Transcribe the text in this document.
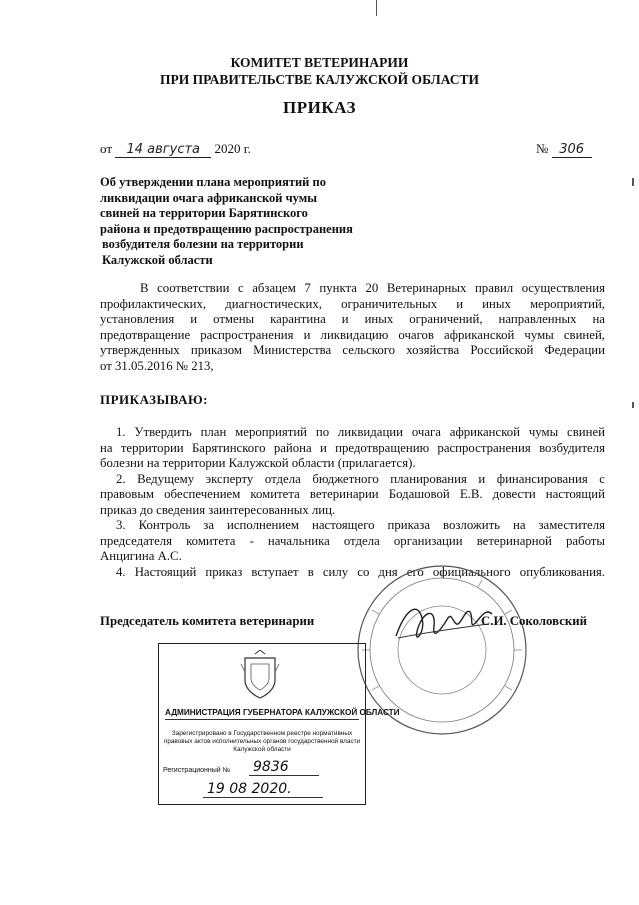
КОМИТЕТ ВЕТЕРИНАРИИ
ПРИ ПРАВИТЕЛЬСТВЕ КАЛУЖСКОЙ ОБЛАСТИ
ПРИКАЗ
от 14 августа 2020 г.	№ 306
Об утверждении плана мероприятий по
ликвидации очага африканской чумы
свиней на территории Барятинского
района и предотвращению распространения
возбудителя болезни на территории
Калужской области
В соответствии с абзацем 7 пункта 20 Ветеринарных правил осуществления
профилактических, диагностических, ограничительных и иных мероприятий,
установления и отмены карантина и иных ограничений, направленных на
предотвращение распространения и ликвидацию очагов африканской чумы свиней,
утвержденных приказом Министерства сельского хозяйства Российской Федерации
от 31.05.2016 № 213,
ПРИКАЗЫВАЮ:
1. Утвердить план мероприятий по ликвидации очага африканской чумы свиней
на территории Барятинского района и предотвращению распространения возбудителя
болезни на территории Калужской области (прилагается).
2. Ведущему эксперту отдела бюджетного планирования и финансирования с
правовым обеспечением комитета ветеринарии Бодашовой Е.В. довести настоящий
приказ до сведения заинтересованных лиц.
3. Контроль за исполнением настоящего приказа возложить на заместителя
председателя комитета - начальника отдела организации ветеринарной работы
Анцигина А.С.
4. Настоящий приказ вступает в силу со дня его официального опубликования.
Председатель комитета ветеринарии	С.И. Соколовский
АДМИНИСТРАЦИЯ ГУБЕРНАТОРА КАЛУЖСКОЙ ОБЛАСТИ
Зарегистрировано в Государственном реестре нормативных
правовых актов исполнительных органов государственной власти
Калужской области
Регистрационный № 9836
19 08 2020.
